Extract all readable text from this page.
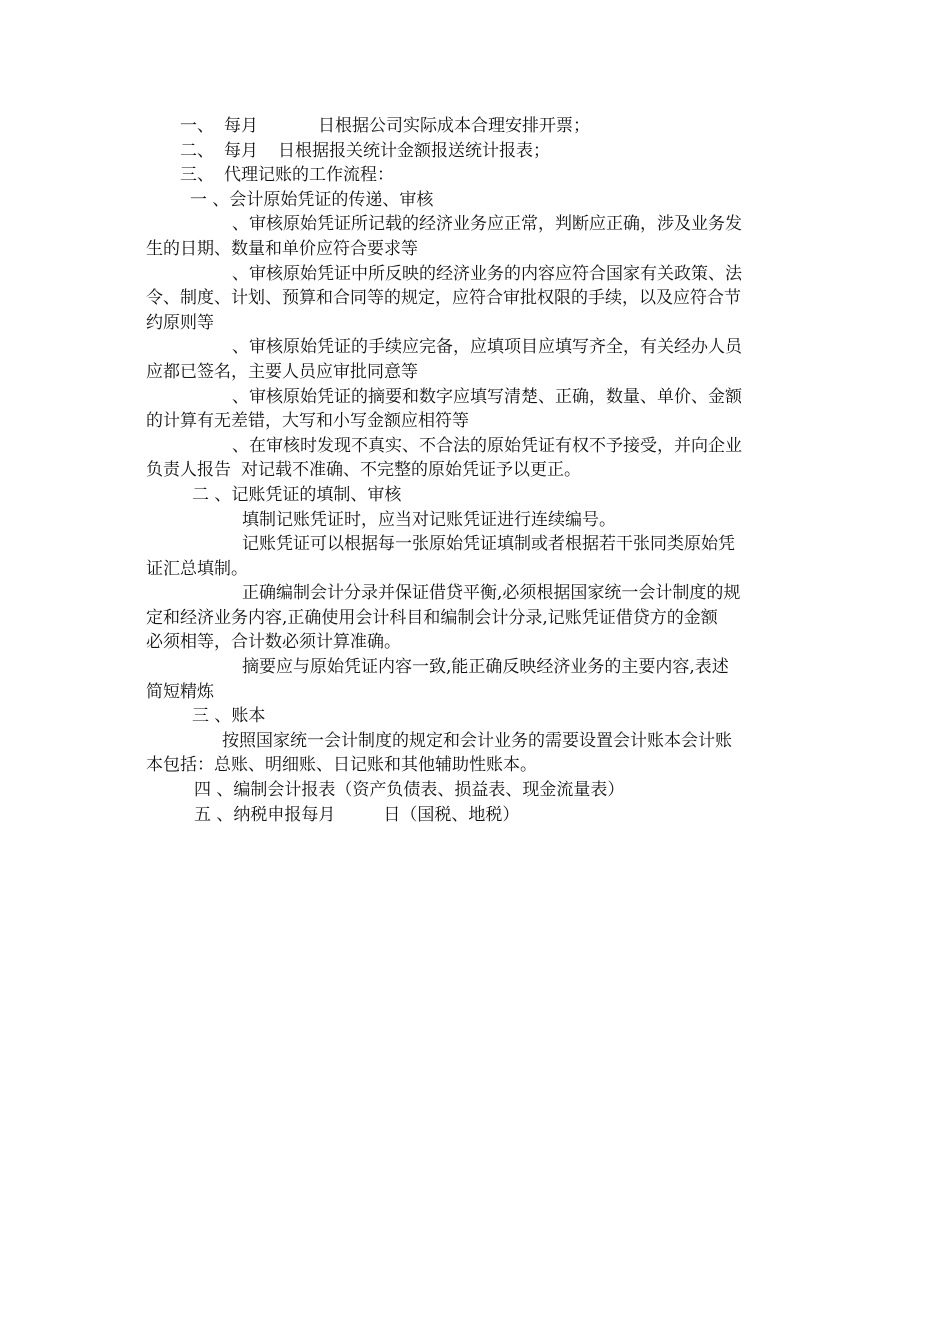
一、 每月	日根据公司实际成本合理安排开票；
二、 每月 日根据报关统计金额报送统计报表；
三、 代理记账的工作流程：
一 、会计原始凭证的传递、审核
、审核原始凭证所记载的经济业务应正常，判断应正确，涉及业务发
生的日期、数量和单价应符合要求等
、审核原始凭证中所反映的经济业务的内容应符合国家有关政策、法
令、制度、计划、预算和合同等的规定，应符合审批权限的手续，以及应符合节
约原则等
、审核原始凭证的手续应完备，应填项目应填写齐全，有关经办人员
应都已签名，主要人员应审批同意等
、审核原始凭证的摘要和数字应填写清楚、正确，数量、单价、金额
的计算有无差错，大写和小写金额应相符等
、在审核时发现不真实、不合法的原始凭证有权不予接受，并向企业
负责人报告 对记载不准确、不完整的原始凭证予以更正。
二 、记账凭证的填制、审核
填制记账凭证时，应当对记账凭证进行连续编号。
记账凭证可以根据每一张原始凭证填制或者根据若干张同类原始凭
证汇总填制。
正确编制会计分录并保证借贷平衡,必须根据国家统一会计制度的规
定和经济业务内容,正确使用会计科目和编制会计分录,记账凭证借贷方的金额
必须相等，合计数必须计算准确。
摘要应与原始凭证内容一致,能正确反映经济业务的主要内容,表述
简短精炼
三 、账本
按照国家统一会计制度的规定和会计业务的需要设置会计账本会计账
本包括：总账、明细账、日记账和其他辅助性账本。
四 、编制会计报表（资产负债表、损益表、现金流量表）
五 、纳税申报每月	日（国税、地税）
